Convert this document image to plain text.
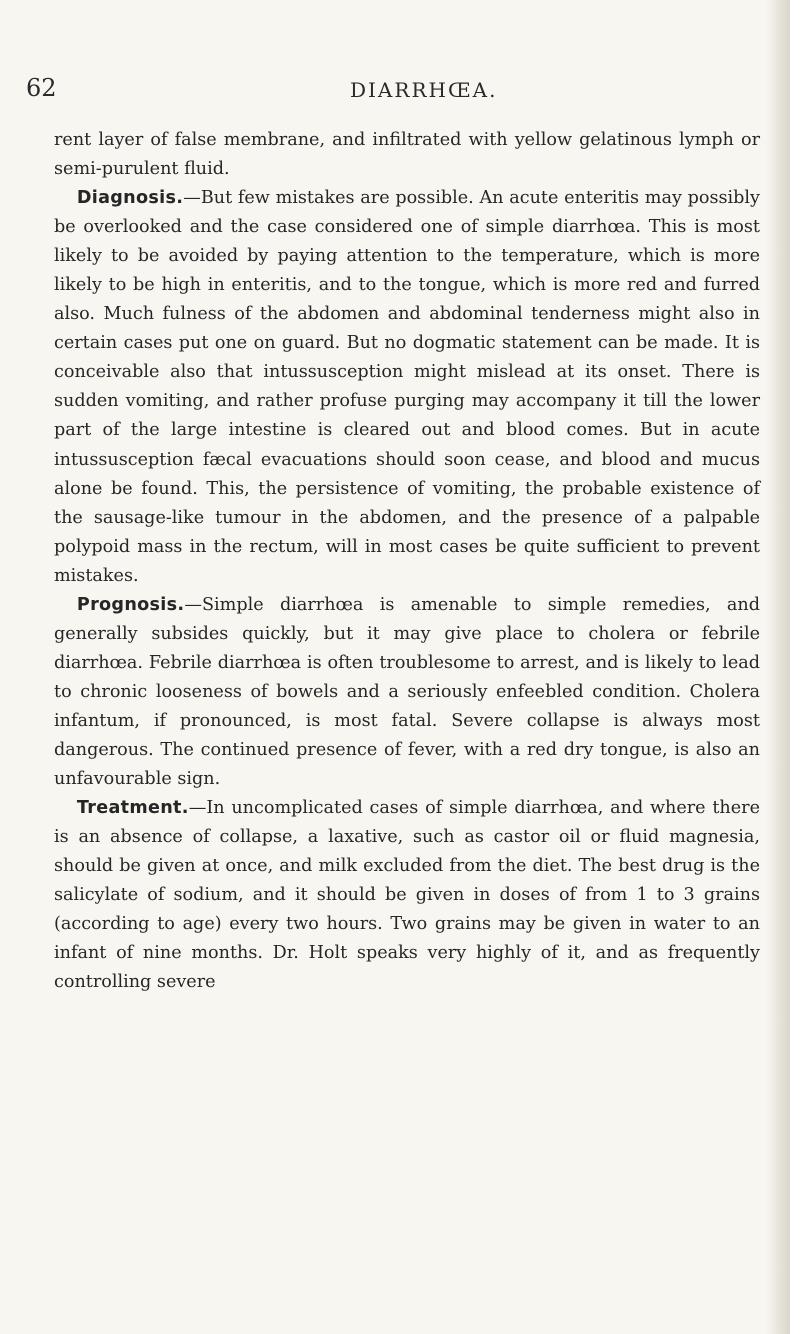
62	DIARRHŒA.

rent layer of false membrane, and infiltrated with yellow gelatinous lymph or semi-purulent fluid.

Diagnosis.—But few mistakes are possible. An acute enteritis may possibly be overlooked and the case considered one of simple diarrhœa. This is most likely to be avoided by paying attention to the temperature, which is more likely to be high in enteritis, and to the tongue, which is more red and furred also. Much fulness of the abdomen and abdominal tenderness might also in certain cases put one on guard. But no dogmatic statement can be made. It is conceivable also that intussusception might mislead at its onset. There is sudden vomiting, and rather profuse purging may accompany it till the lower part of the large intestine is cleared out and blood comes. But in acute intussusception fæcal evacuations should soon cease, and blood and mucus alone be found. This, the persistence of vomiting, the probable existence of the sausage-like tumour in the abdomen, and the presence of a palpable polypoid mass in the rectum, will in most cases be quite sufficient to prevent mistakes.

Prognosis.—Simple diarrhœa is amenable to simple remedies, and generally subsides quickly, but it may give place to cholera or febrile diarrhœa. Febrile diarrhœa is often troublesome to arrest, and is likely to lead to chronic looseness of bowels and a seriously enfeebled condition. Cholera infantum, if pronounced, is most fatal. Severe collapse is always most dangerous. The continued presence of fever, with a red dry tongue, is also an unfavourable sign.

Treatment.—In uncomplicated cases of simple diarrhœa, and where there is an absence of collapse, a laxative, such as castor oil or fluid magnesia, should be given at once, and milk excluded from the diet. The best drug is the salicylate of sodium, and it should be given in doses of from 1 to 3 grains (according to age) every two hours. Two grains may be given in water to an infant of nine months. Dr. Holt speaks very highly of it, and as frequently controlling severe
